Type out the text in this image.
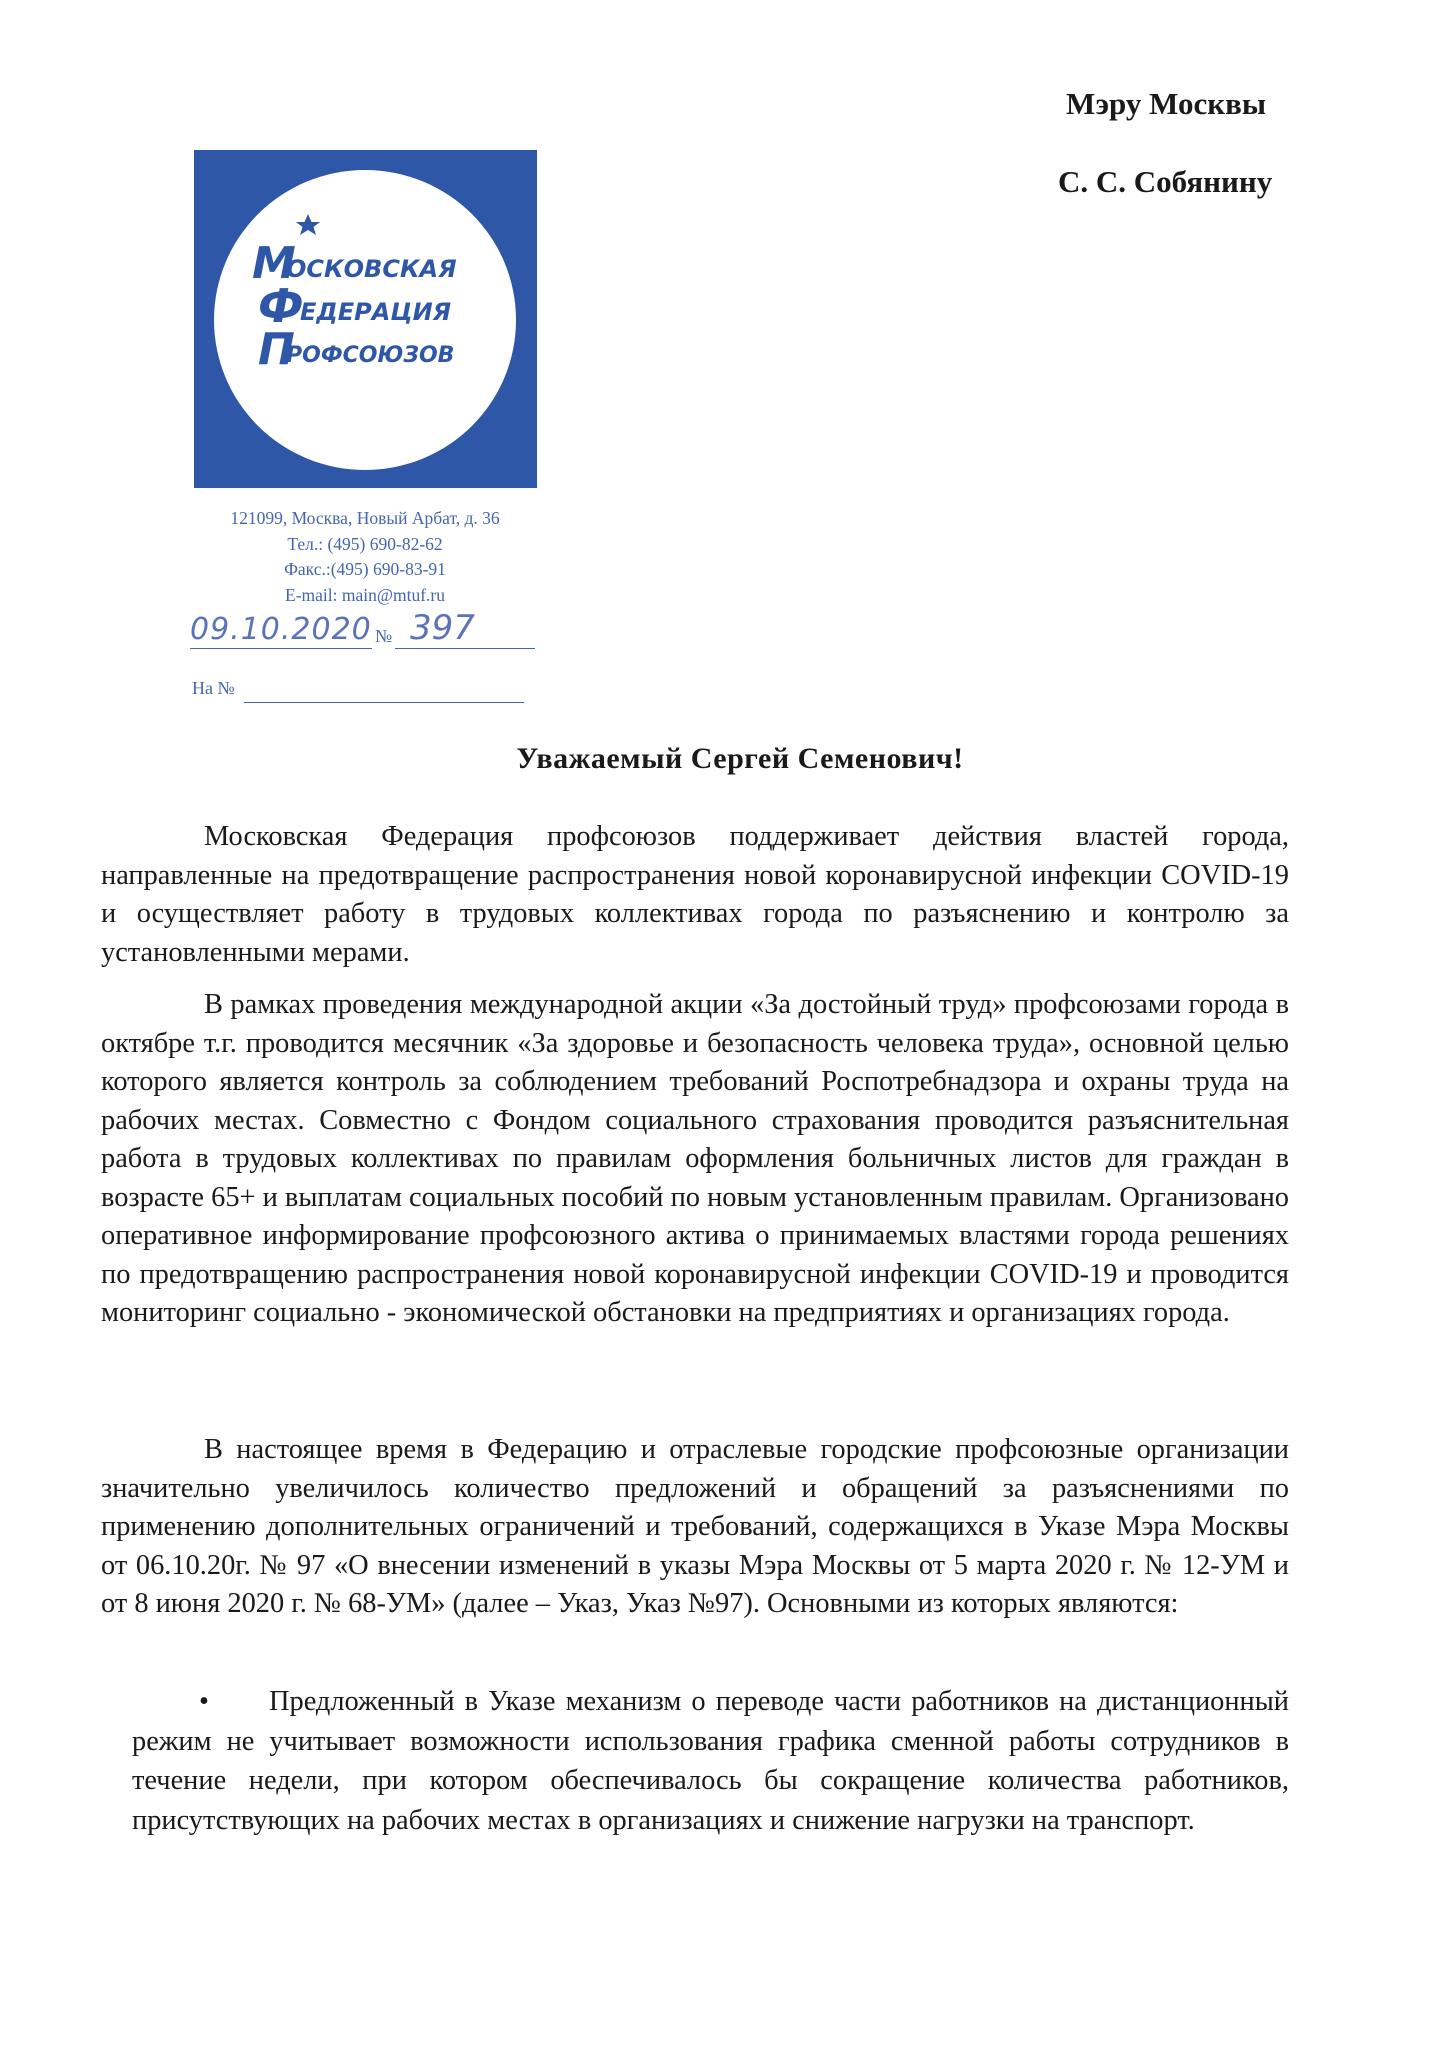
Мэру Москвы
С. С. Собянину
М
ОСКОВСКАЯ
Ф
ЕДЕРАЦИЯ
П
РОФСОЮЗОВ
121099, Москва, Новый Арбат, д. 36
Тел.: (495) 690-82-62
Факс.:(495) 690-83-91
E-mail: main@mtuf.ru
09.10.2020 № 397
На №
Уважаемый Сергей Семенович!

Московская Федерация профсоюзов поддерживает действия властей города, направленные на предотвращение распространения новой коронавирусной инфекции COVID-19 и осуществляет работу в трудовых коллективах города по разъяснению и контролю за установленными мерами.

В рамках проведения международной акции «За достойный труд» профсоюзами города в октябре т.г. проводится месячник «За здоровье и безопасность человека труда», основной целью которого является контроль за соблюдением требований Роспотребнадзора и охраны труда на рабочих местах. Совместно с Фондом социального страхования проводится разъяснительная работа в трудовых коллективах по правилам оформления больничных листов для граждан в возрасте 65+ и выплатам социальных пособий по новым установленным правилам. Организовано оперативное информирование профсоюзного актива о принимаемых властями города решениях по предотвращению распространения новой коронавирусной инфекции COVID-19 и проводится мониторинг социально - экономической обстановки на предприятиях и организациях города.

В настоящее время в Федерацию и отраслевые городские профсоюзные организации значительно увеличилось количество предложений и обращений за разъяснениями по применению дополнительных ограничений и требований, содержащихся в Указе Мэра Москвы от 06.10.20г. № 97 «О внесении изменений в указы Мэра Москвы от 5 марта 2020 г. № 12-УМ и от 8 июня 2020 г. № 68-УМ» (далее – Указ, Указ №97). Основными из которых являются:

•	Предложенный в Указе механизм о переводе части работников на дистанционный режим не учитывает возможности использования графика сменной работы сотрудников в течение недели, при котором обеспечивалось бы сокращение количества работников, присутствующих на рабочих местах в организациях и снижение нагрузки на транспорт.
